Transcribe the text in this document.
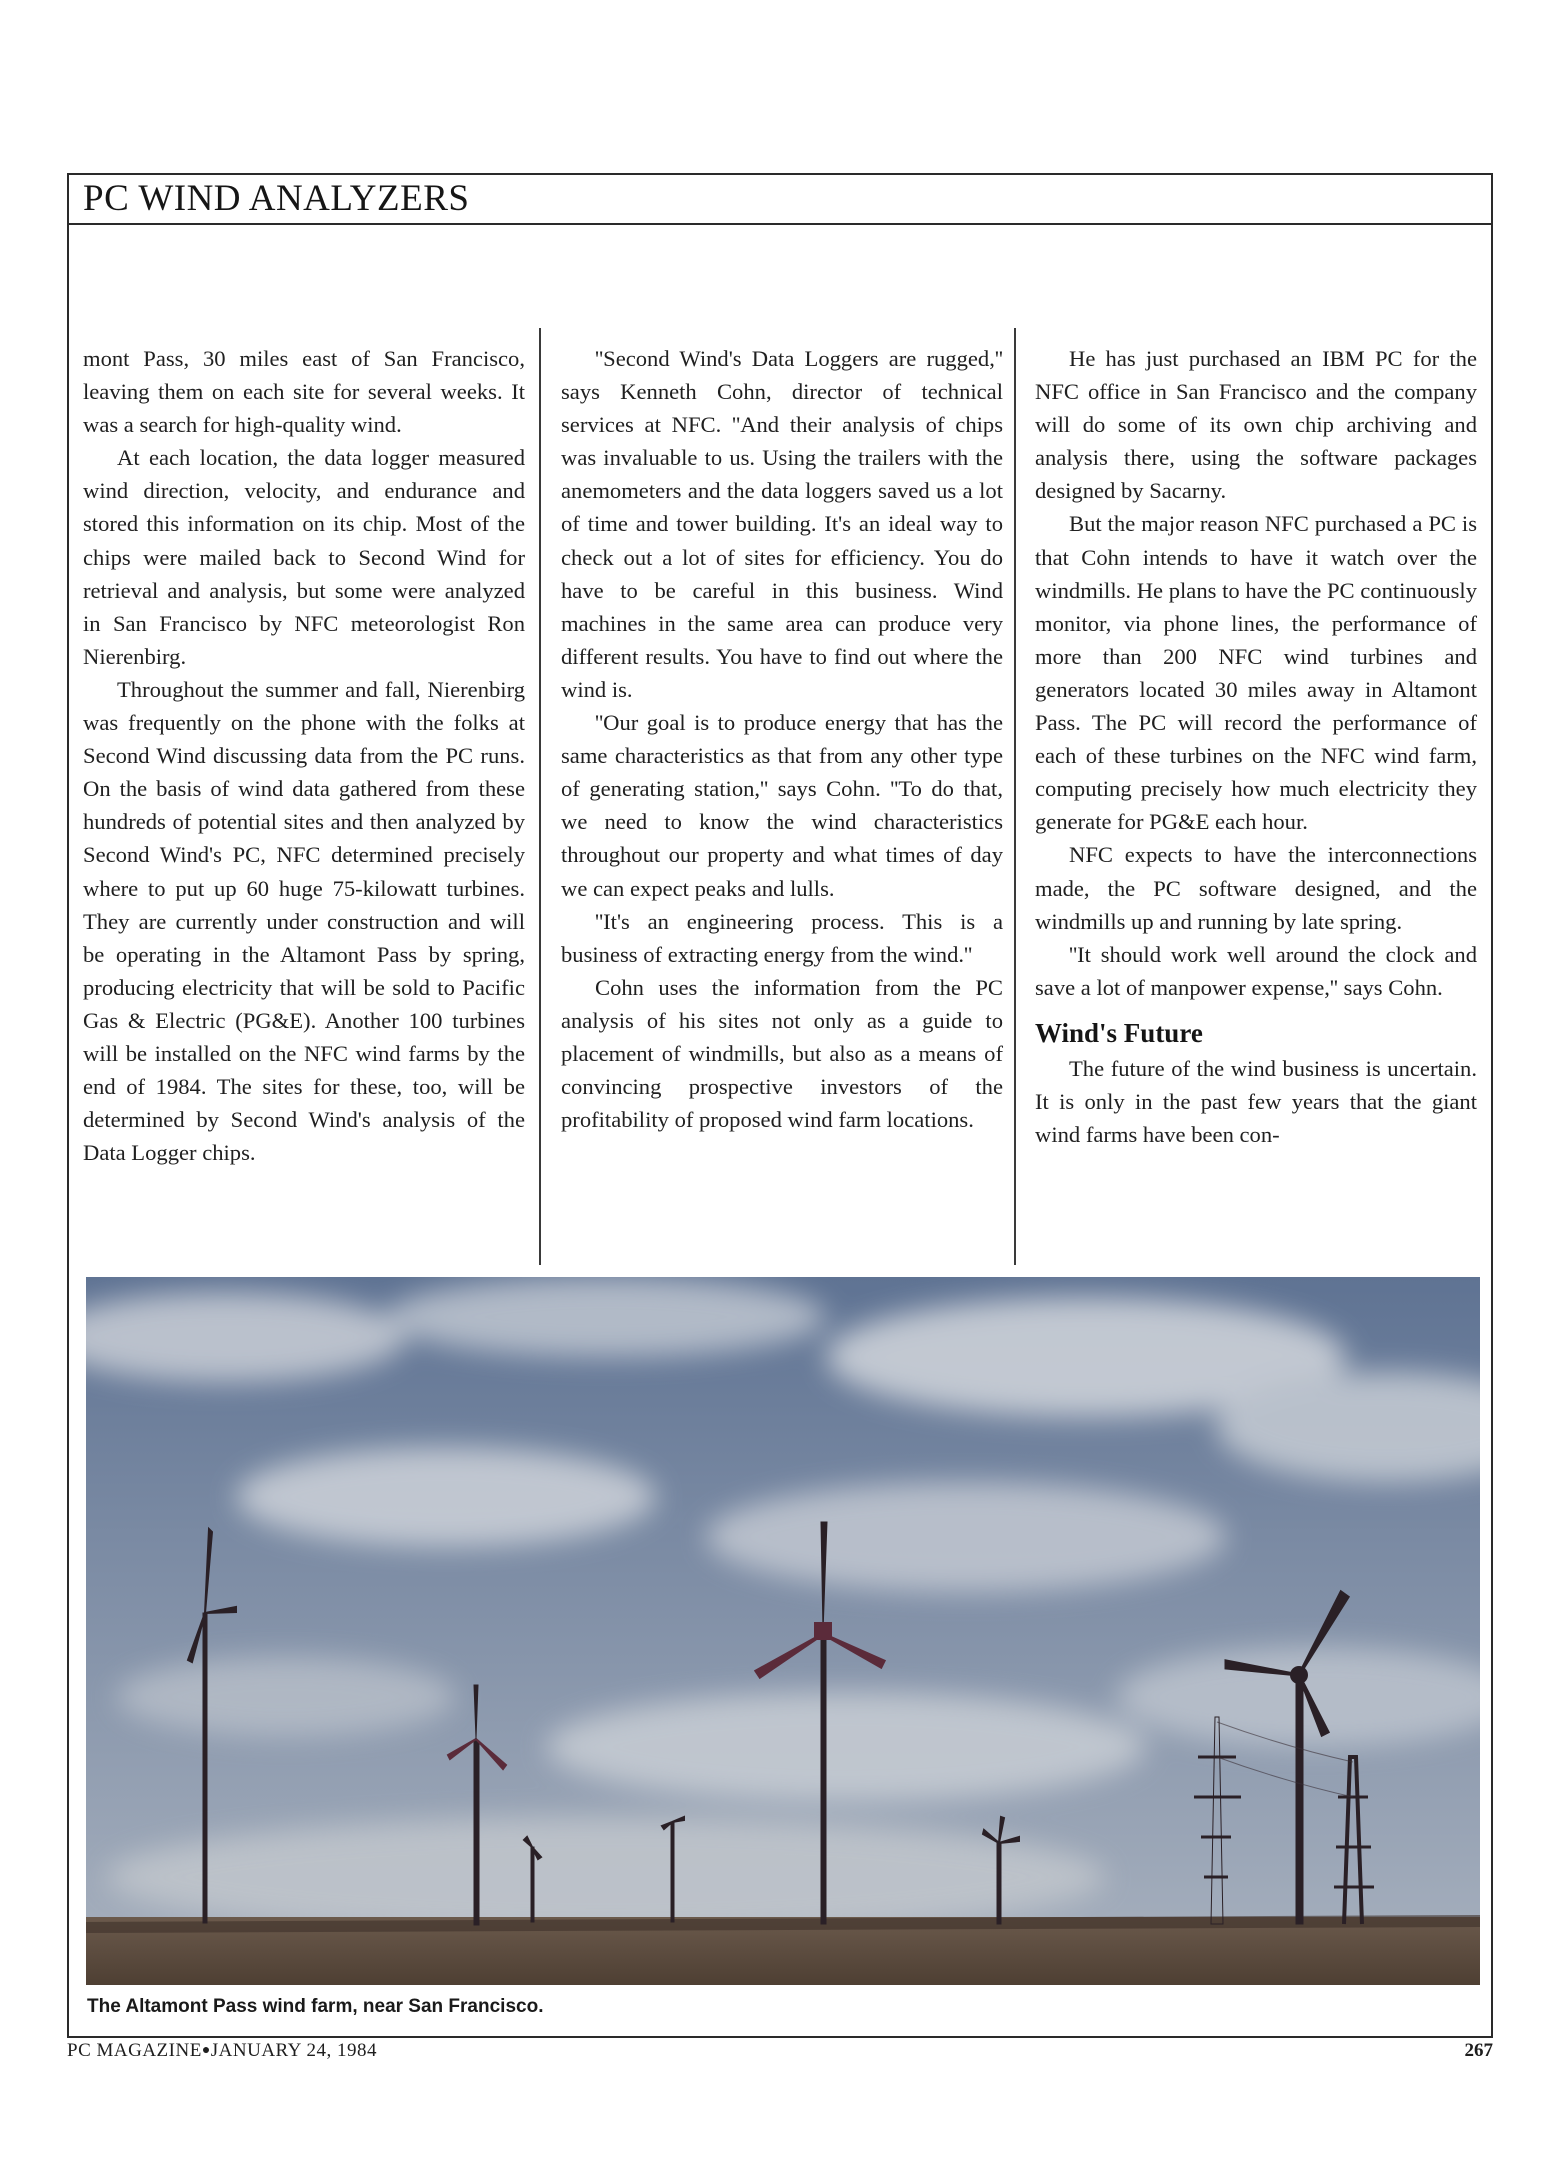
PC WIND ANALYZERS

mont Pass, 30 miles east of San Francisco, leaving them on each site for several weeks. It was a search for high-quality wind.

At each location, the data logger measured wind direction, velocity, and endurance and stored this information on its chip. Most of the chips were mailed back to Second Wind for retrieval and analysis, but some were analyzed in San Francisco by NFC meteorologist Ron Nierenbirg.

Throughout the summer and fall, Nierenbirg was frequently on the phone with the folks at Second Wind discussing data from the PC runs. On the basis of wind data gathered from these hundreds of potential sites and then analyzed by Second Wind's PC, NFC determined precisely where to put up 60 huge 75-kilowatt turbines. They are currently under construction and will be operating in the Altamont Pass by spring, producing electricity that will be sold to Pacific Gas & Electric (PG&E). Another 100 turbines will be installed on the NFC wind farms by the end of 1984. The sites for these, too, will be determined by Second Wind's analysis of the Data Logger chips.

''Second Wind's Data Loggers are rugged,'' says Kenneth Cohn, director of technical services at NFC. ''And their analysis of chips was invaluable to us. Using the trailers with the anemometers and the data loggers saved us a lot of time and tower building. It's an ideal way to check out a lot of sites for efficiency. You do have to be careful in this business. Wind machines in the same area can produce very different results. You have to find out where the wind is.

''Our goal is to produce energy that has the same characteristics as that from any other type of generating station,'' says Cohn. ''To do that, we need to know the wind characteristics throughout our property and what times of day we can expect peaks and lulls.

''It's an engineering process. This is a business of extracting energy from the wind.''

Cohn uses the information from the PC analysis of his sites not only as a guide to placement of windmills, but also as a means of convincing prospective investors of the profitability of proposed wind farm locations.

He has just purchased an IBM PC for the NFC office in San Francisco and the company will do some of its own chip archiving and analysis there, using the software packages designed by Sacarny.

But the major reason NFC purchased a PC is that Cohn intends to have it watch over the windmills. He plans to have the PC continuously monitor, via phone lines, the performance of more than 200 NFC wind turbines and generators located 30 miles away in Altamont Pass. The PC will record the performance of each of these turbines on the NFC wind farm, computing precisely how much electricity they generate for PG&E each hour.

NFC expects to have the interconnections made, the PC software designed, and the windmills up and running by late spring.

''It should work well around the clock and save a lot of manpower expense,'' says Cohn.

Wind's Future

The future of the wind business is uncertain. It is only in the past few years that the giant wind farms have been con-

The Altamont Pass wind farm, near San Francisco.

PC MAGAZINE●JANUARY 24, 1984	267
